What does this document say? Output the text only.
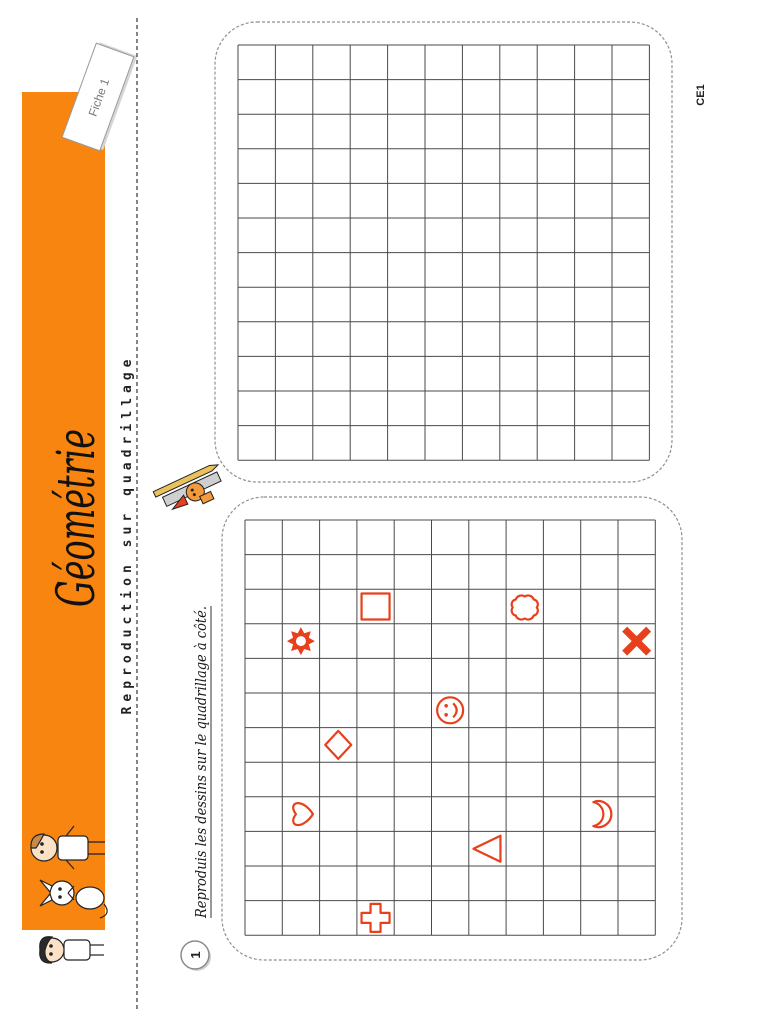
Fiche 1
Géométrie
Reproduction sur quadrillage
1
Reproduis les dessins sur le quadrillage à côté.
CE1
